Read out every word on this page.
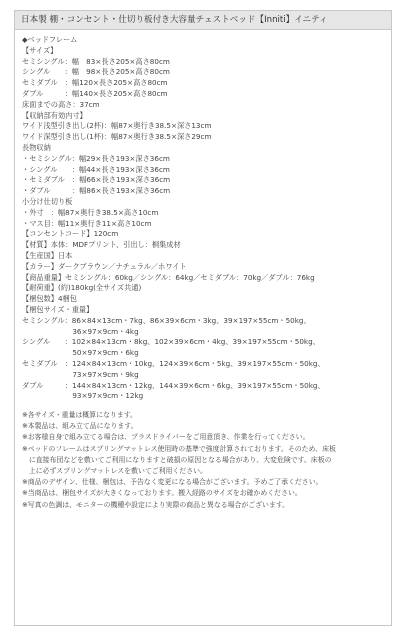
日本製 棚・コンセント・仕切り板付き大容量チェストベッド【Inniti】イニティ
◆ベッドフレーム
【サイズ】
セミシングル：幅　83×長さ205×高さ80cm
シングル　　：幅　98×長さ205×高さ80cm
セミダブル　：幅120×長さ205×高さ80cm
ダブル　　　：幅140×長さ205×高さ80cm
床面までの高さ：37cm
【収納部有効内寸】
ワイド浅型引き出し(2杯)：幅87×奥行き38.5×深さ13cm
ワイド深型引き出し(1杯)：幅87×奥行き38.5×深さ29cm
長物収納
・セミシングル：幅29×長さ193×深さ36cm
・シングル　　：幅44×長さ193×深さ36cm
・セミダブル　：幅66×長さ193×深さ36cm
・ダブル　　　：幅86×長さ193×深さ36cm
小分け仕切り板
・外寸　：幅87×奥行き38.5×高さ10cm
・マス目：幅11×奥行き11×高さ10cm
【コンセントコード】120cm
【材質】本体：MDFプリント、引出し：桐集成材
【生産国】日本
【カラー】ダークブラウン／ナチュラル／ホワイト
【商品重量】セミシングル：60kg／シングル：64kg／セミダブル：70kg／ダブル：76kg
【耐荷重】(約)180kg(全サイズ共通)
【梱包数】4梱包
【梱包サイズ・重量】
セミシングル：86×84×13cm・7kg、86×39×6cm・3kg、39×197×55cm・50kg、
　　　　　　　36×97×9cm・4kg
シングル　　：102×84×13cm・8kg、102×39×6cm・4kg、39×197×55cm・50kg、
　　　　　　　50×97×9cm・6kg
セミダブル　：124×84×13cm・10kg、124×39×6cm・5kg、39×197×55cm・50kg、
　　　　　　　73×97×9cm・9kg
ダブル　　　：144×84×13cm・12kg、144×39×6cm・6kg、39×197×55cm・50kg、
　　　　　　　93×97×9cm・12kg
※各サイズ・重量は概算になります。
※本製品は、組み立て品になります。
※お客様自身で組み立てる場合は、プラスドライバーをご用意頂き、作業を行ってください。
※ベッドのフレームはスプリングマットレス使用時の基準で強度計算されております。そのため、床板
　に直接布団などを敷いてご利用になりますと破損の原因となる場合があり、大変危険です。床板の
　上に必ずスプリングマットレスを敷いてご利用ください。
※商品のデザイン、仕様、梱包は、予告なく変更になる場合がございます。予めご了承ください。
※当商品は、梱包サイズが大きくなっております。搬入経路のサイズをお確かめください。
※写真の色調は、モニターの機種や設定により実際の商品と異なる場合がございます。
